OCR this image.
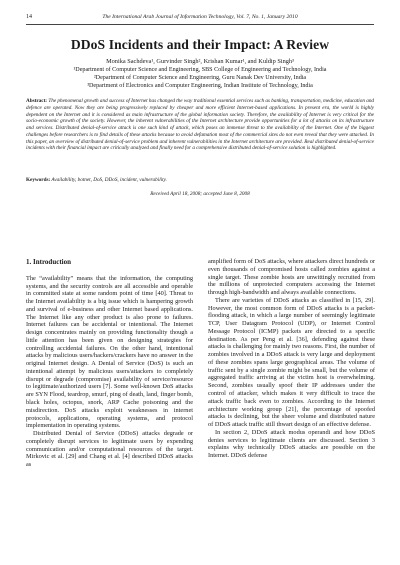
14	The International Arab Journal of Information Technology, Vol. 7, No. 1, January 2010
DDoS Incidents and their Impact: A Review
Monika Sachdeva¹, Gurvinder Singh², Krishan Kumar¹, and Kuldip Singh³
¹Department of Computer Science and Engineering, SBS College of Engineering and Technology, India
²Department of Computer Science and Engineering, Guru Nanak Dev University, India
³Department of Electronics and Computer Engineering, Indian Institute of Technology, India
Abstract: The phenomenal growth and success of Internet has changed the way traditional essential services such as banking, transportation, medicine, education and defence are operated. Now they are being progressively replaced by cheaper and more efficient Internet-based applications. In present era, the world is highly dependent on the Internet and it is considered as main infrastructure of the global information society. Therefore, the availability of Internet is very critical for the socio-economic growth of the society. However, the inherent vulnerabilities of the Internet architecture provide opportunities for a lot of attacks on its infrastructure and services. Distributed denial-of-service attack is one such kind of attack, which poses an immense threat to the availability of the Internet. One of the biggest challenges before researchers is to find details of these attacks because to avoid defamation most of the commercial sites do not even reveal that they were attacked. In this paper, an overview of distributed denial-of-service problem and inherent vulnerabilities in the Internet architecture are provided. Real distributed denial-of-service incidents with their financial impact are critically analyzed and finally need for a comprehensive distributed denial-of-service solution is highlighted.
Keywords: Availability, botnet, DoS, DDoS, incident, vulnerability.
Received April 18, 2008; accepted June 8, 2008
1. Introduction

The “availability” means that the information, the computing systems, and the security controls are all accessible and operable in committed state at some random point of time [40]. Threat to the Internet availability is a big issue which is hampering growth and survival of e-business and other Internet based applications. The Internet like any other product is also prone to failures. Internet failures can be accidental or intentional. The Internet design concentrates mainly on providing functionality though a little attention has been given on designing strategies for controlling accidental failures. On the other hand, intentional attacks by malicious users/hackers/crackers have no answer in the original Internet design. A Denial of Service (DoS) is such an intentional attempt by malicious users/attackers to completely disrupt or degrade (compromise) availability of service/resource to legitimate/authorized users [7]. Some well-known DoS attacks are SYN Flood, teardrop, smurf, ping of death, land, finger bomb, black holes, octopus, snork, ARP Cache poisoning and the misdirection. DoS attacks exploit weaknesses in internet protocols, applications, operating systems, and protocol implementation in operating systems.

Distributed Denial of Service (DDoS) attacks degrade or completely disrupt services to legitimate users by expending communication and/or computational resources of the target. Mirkovic et al. [29] and Chang et al. [4] described DDoS attacks as

amplified form of DoS attacks, where attackers direct hundreds or even thousands of compromised hosts called zombies against a single target. These zombie hosts are unwittingly recruited from the millions of unprotected computers accessing the Internet through high-bandwidth and always available connections.

There are varieties of DDoS attacks as classified in [15, 29]. However, the most common form of DDoS attacks is a packet-flooding attack, in which a large number of seemingly legitimate TCP, User Datagram Protocol (UDP), or Internet Control Message Protocol (ICMP) packets are directed to a specific destination. As per Peng et al. [36], defending against these attacks is challenging for mainly two reasons. First, the number of zombies involved in a DDoS attack is very large and deployment of these zombies spans large geographical areas. The volume of traffic sent by a single zombie might be small, but the volume of aggregated traffic arriving at the victim host is overwhelming. Second, zombies usually spoof their IP addresses under the control of attacker, which makes it very difficult to trace the attack traffic back even to zombies. According to the Internet architecture working group [21], the percentage of spoofed attacks is declining, but the sheer volume and distributed nature of DDoS attack traffic still thwart design of an effective defense.

In section 2, DDoS attack modus operandi and how DDoS denies services to legitimate clients are discussed. Section 3 explains why technically DDoS attacks are possible on the Internet. DDoS defense
